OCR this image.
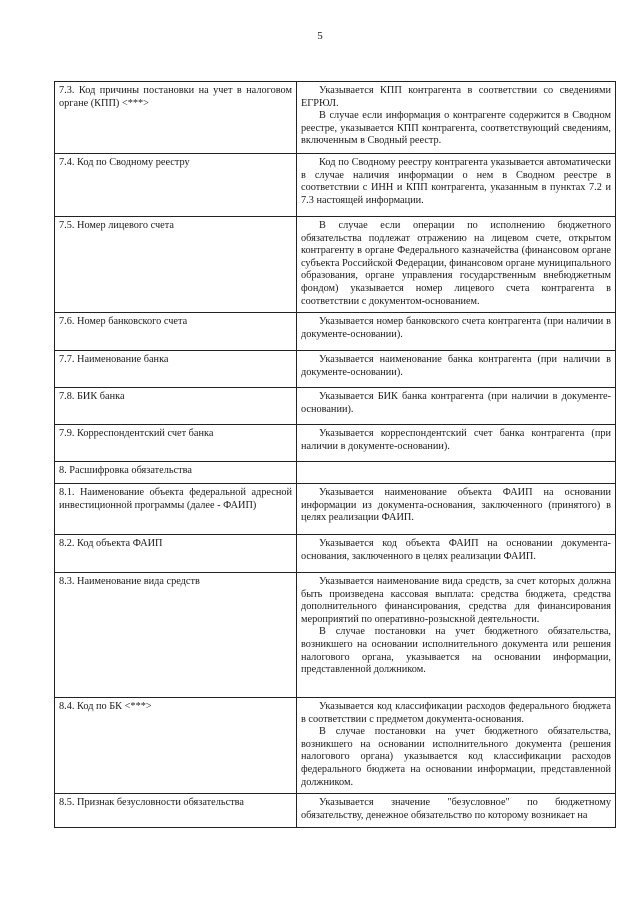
5

7.3. Код причины постановки на учет в налоговом органе (КПП) <***>	Указывается КПП контрагента в соответствии со сведениями ЕГРЮЛ.

В случае если информация о контрагенте содержится в Сводном реестре, указывается КПП контрагента, соответствующий сведениям, включенным в Сводный реестр.

7.4. Код по Сводному реестру	Код по Сводному реестру контрагента указывается автоматически в случае наличия информации о нем в Сводном реестре в соответствии с ИНН и КПП контрагента, указанным в пунктах 7.2 и 7.3 настоящей информации.

7.5. Номер лицевого счета	В случае если операции по исполнению бюджетного обязательства подлежат отражению на лицевом счете, открытом контрагенту в органе Федерального казначейства (финансовом органе субъекта Российской Федерации, финансовом органе муниципального образования, органе управления государственным внебюджетным фондом) указывается номер лицевого счета контрагента в соответствии с документом-основанием.

7.6. Номер банковского счета	Указывается номер банковского счета контрагента (при наличии в документе-основании).

7.7. Наименование банка	Указывается наименование банка контрагента (при наличии в документе-основании).

7.8. БИК банка	Указывается БИК банка контрагента (при наличии в документе-основании).

7.9. Корреспондентский счет банка	Указывается корреспондентский счет банка контрагента (при наличии в документе-основании).

8. Расшифровка обязательства	

8.1. Наименование объекта федеральной адресной инвестиционной программы (далее - ФАИП)	Указывается наименование объекта ФАИП на основании информации из документа-основания, заключенного (принятого) в целях реализации ФАИП.

8.2. Код объекта ФАИП	Указывается код объекта ФАИП на основании документа-основания, заключенного в целях реализации ФАИП.

8.3. Наименование вида средств	Указывается наименование вида средств, за счет которых должна быть произведена кассовая выплата: средства бюджета, средства дополнительного финансирования, средства для финансирования мероприятий по оперативно-розыскной деятельности.

В случае постановки на учет бюджетного обязательства, возникшего на основании исполнительного документа или решения налогового органа, указывается на основании информации, представленной должником.

8.4. Код по БК <***>	Указывается код классификации расходов федерального бюджета в соответствии с предметом документа-основания.

В случае постановки на учет бюджетного обязательства, возникшего на основании исполнительного документа (решения налогового органа) указывается код классификации расходов федерального бюджета на основании информации, представленной должником.

8.5. Признак безусловности обязательства	Указывается значение "безусловное" по бюджетному обязательству, денежное обязательство по которому возникает на
